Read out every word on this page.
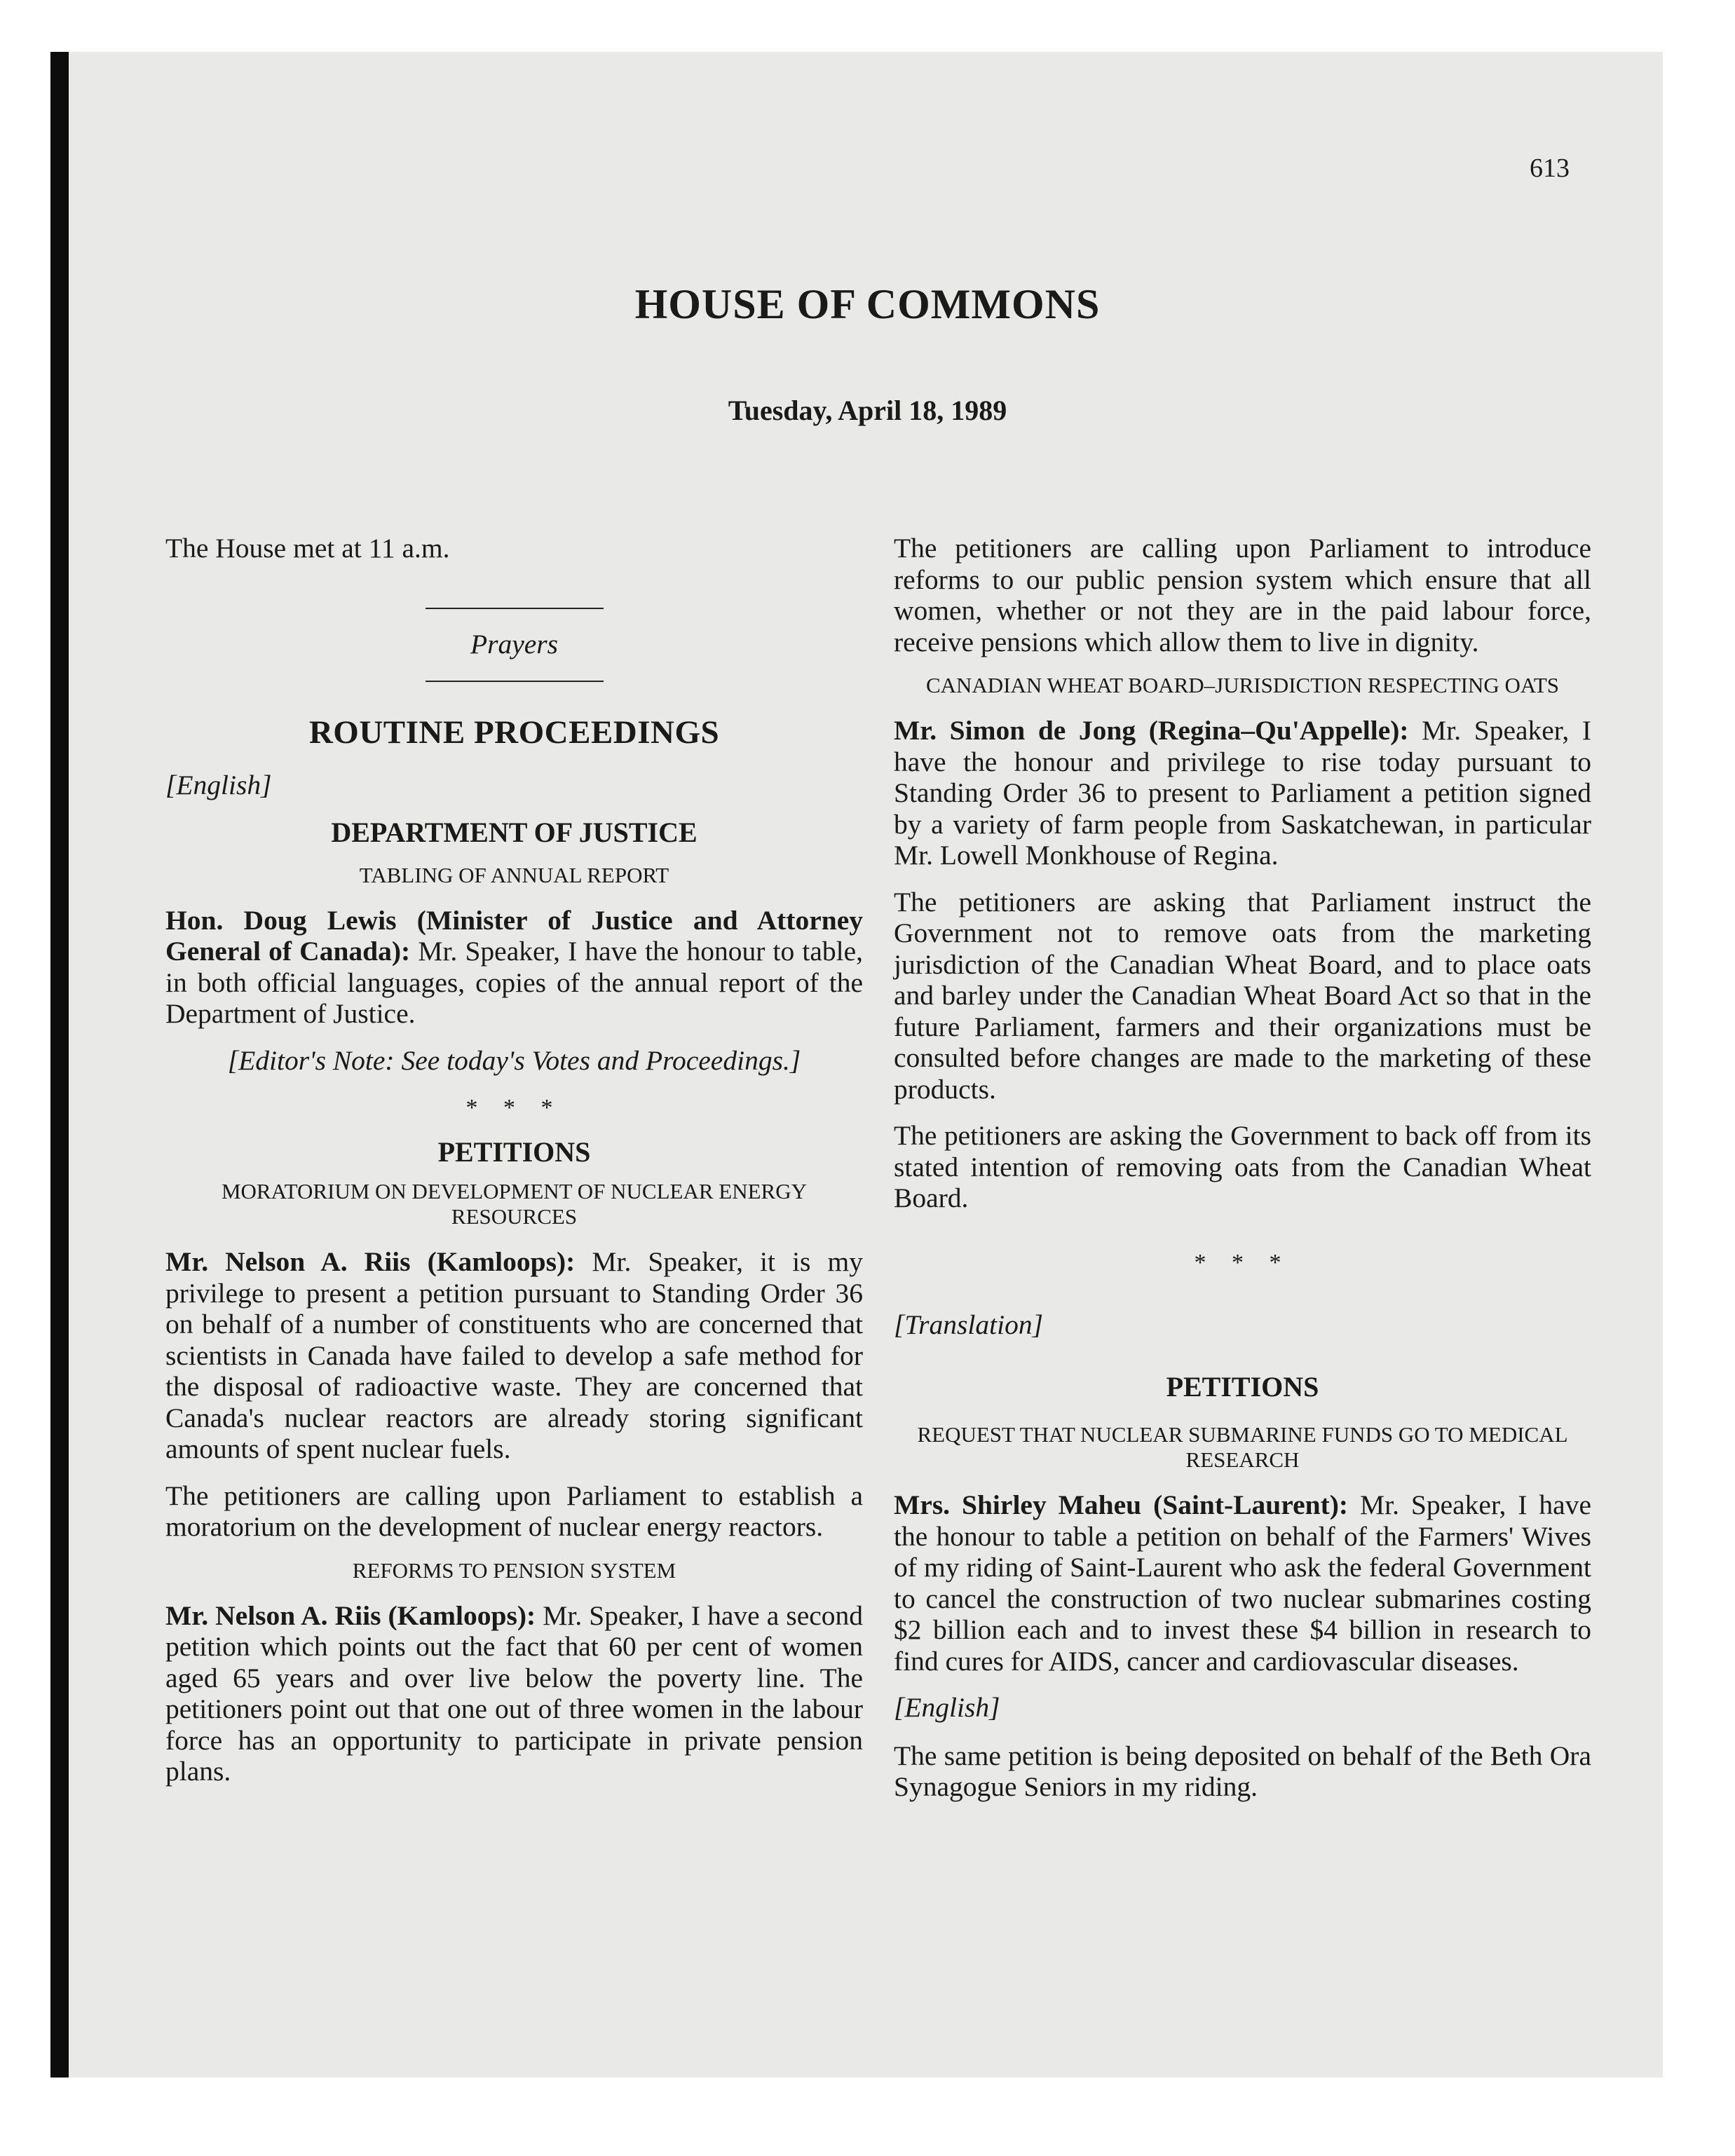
613
HOUSE OF COMMONS
Tuesday, April 18, 1989

The House met at 11 a.m.

Prayers
ROUTINE PROCEEDINGS
[English]
DEPARTMENT OF JUSTICE
TABLING OF ANNUAL REPORT

Hon. Doug Lewis (Minister of Justice and Attorney General of Canada): Mr. Speaker, I have the honour to table, in both official languages, copies of the annual report of the Department of Justice.

[Editor's Note: See today's Votes and Proceedings.]

* * *
PETITIONS
MORATORIUM ON DEVELOPMENT OF NUCLEAR ENERGY RESOURCES

Mr. Nelson A. Riis (Kamloops): Mr. Speaker, it is my privilege to present a petition pursuant to Standing Order 36 on behalf of a number of constituents who are concerned that scientists in Canada have failed to develop a safe method for the disposal of radioactive waste. They are concerned that Canada's nuclear reactors are already storing significant amounts of spent nuclear fuels.

The petitioners are calling upon Parliament to establish a moratorium on the development of nuclear energy reactors.

REFORMS TO PENSION SYSTEM

Mr. Nelson A. Riis (Kamloops): Mr. Speaker, I have a second petition which points out the fact that 60 per cent of women aged 65 years and over live below the poverty line. The petitioners point out that one out of three women in the labour force has an opportunity to participate in private pension plans.

The petitioners are calling upon Parliament to introduce reforms to our public pension system which ensure that all women, whether or not they are in the paid labour force, receive pensions which allow them to live in dignity.

CANADIAN WHEAT BOARD–JURISDICTION RESPECTING OATS

Mr. Simon de Jong (Regina–Qu'Appelle): Mr. Speaker, I have the honour and privilege to rise today pursuant to Standing Order 36 to present to Parliament a petition signed by a variety of farm people from Saskatchewan, in particular Mr. Lowell Monkhouse of Regina.

The petitioners are asking that Parliament instruct the Government not to remove oats from the marketing jurisdiction of the Canadian Wheat Board, and to place oats and barley under the Canadian Wheat Board Act so that in the future Parliament, farmers and their organizations must be consulted before changes are made to the marketing of these products.

The petitioners are asking the Government to back off from its stated intention of removing oats from the Canadian Wheat Board.

* * *
[Translation]
PETITIONS
REQUEST THAT NUCLEAR SUBMARINE FUNDS GO TO MEDICAL RESEARCH

Mrs. Shirley Maheu (Saint-Laurent): Mr. Speaker, I have the honour to table a petition on behalf of the Farmers' Wives of my riding of Saint-Laurent who ask the federal Government to cancel the construction of two nuclear submarines costing $2 billion each and to invest these $4 billion in research to find cures for AIDS, cancer and cardiovascular diseases.

[English]

The same petition is being deposited on behalf of the Beth Ora Synagogue Seniors in my riding.
